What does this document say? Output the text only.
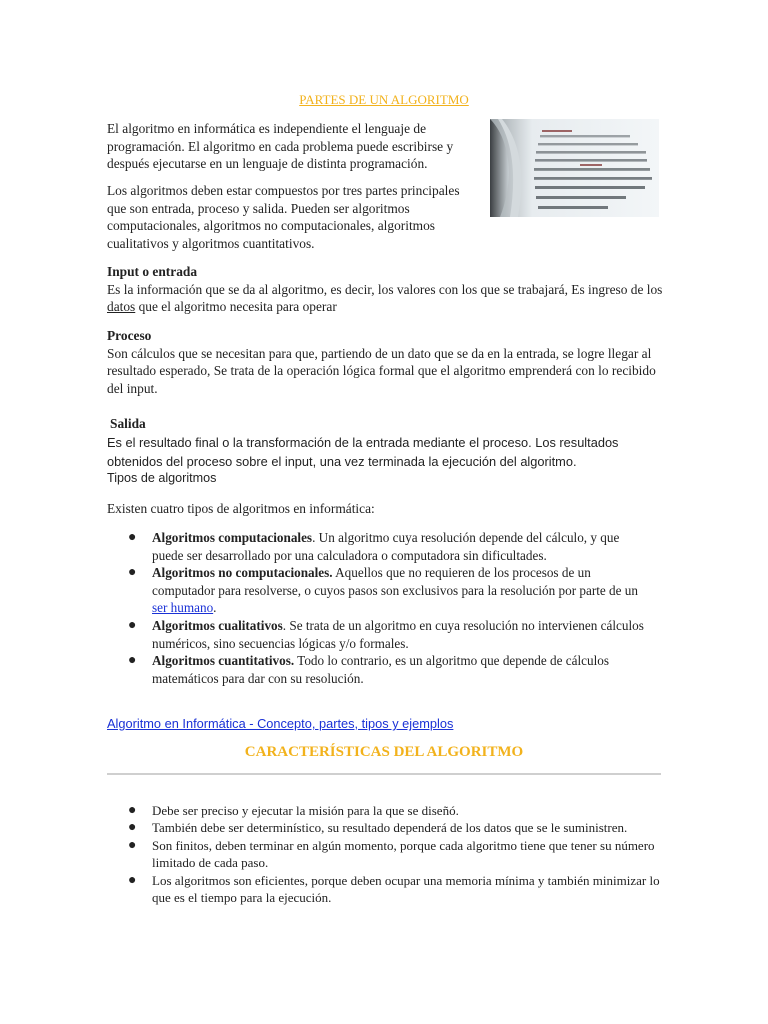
PARTES DE UN ALGORITMO
El algoritmo en informática es independiente el lenguaje de programación. El algoritmo en cada problema puede escribirse y después ejecutarse en un lenguaje de distinta programación.
Los algoritmos deben estar compuestos por tres partes principales que son entrada, proceso y salida. Pueden ser algoritmos computacionales, algoritmos no computacionales, algoritmos cualitativos y algoritmos cuantitativos.
Input o entrada
Es la información que se da al algoritmo, es decir, los valores con los que se trabajará, Es ingreso de los datos que el algoritmo necesita para operar
Proceso
Son cálculos que se necesitan para que, partiendo de un dato que se da en la entrada, se logre llegar al resultado esperado, Se trata de la operación lógica formal que el algoritmo emprenderá con lo recibido del input.
Salida
Es el resultado final o la transformación de la entrada mediante el proceso. Los resultados obtenidos del proceso sobre el input, una vez terminada la ejecución del algoritmo.
Tipos de algoritmos
Existen cuatro tipos de algoritmos en informática:
● Algoritmos computacionales. Un algoritmo cuya resolución depende del cálculo, y que puede ser desarrollado por una calculadora o computadora sin dificultades.
● Algoritmos no computacionales. Aquellos que no requieren de los procesos de un computador para resolverse, o cuyos pasos son exclusivos para la resolución por parte de un ser humano.
● Algoritmos cualitativos. Se trata de un algoritmo en cuya resolución no intervienen cálculos numéricos, sino secuencias lógicas y/o formales.
● Algoritmos cuantitativos. Todo lo contrario, es un algoritmo que depende de cálculos matemáticos para dar con su resolución.
Algoritmo en Informática - Concepto, partes, tipos y ejemplos
CARACTERÍSTICAS DEL ALGORITMO
● Debe ser preciso y ejecutar la misión para la que se diseñó.
● También debe ser determinístico, su resultado dependerá de los datos que se le suministren.
● Son finitos, deben terminar en algún momento, porque cada algoritmo tiene que tener su número limitado de cada paso.
● Los algoritmos son eficientes, porque deben ocupar una memoria mínima y también minimizar lo que es el tiempo para la ejecución.
